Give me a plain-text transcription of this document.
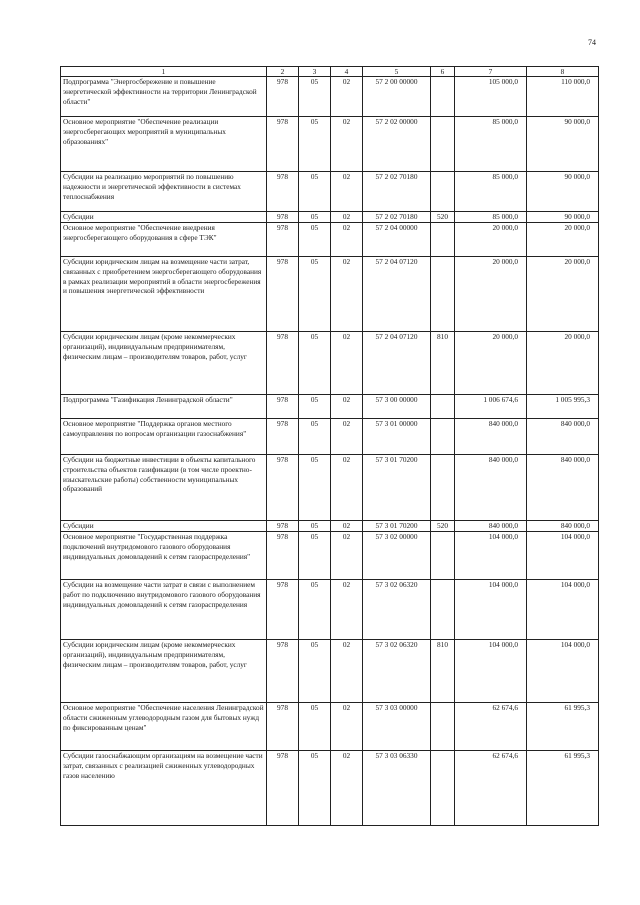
74
1	2	3	4	5	6	7	8
Подпрограмма "Энергосбережение и повышение энергетической эффективности на территории Ленинградской области"	978	05	02	57 2 00 00000		105 000,0	110 000,0
Основное мероприятие "Обеспечение реализации энергосберегающих мероприятий в муниципальных образованиях"	978	05	02	57 2 02 00000		85 000,0	90 000,0
Субсидии на реализацию мероприятий по повышению надежности и энергетической эффективности в системах теплоснабжения	978	05	02	57 2 02 70180		85 000,0	90 000,0
Субсидии	978	05	02	57 2 02 70180	520	85 000,0	90 000,0
Основное мероприятие "Обеспечение внедрения энергосберегающего оборудования в сфере ТЭК"	978	05	02	57 2 04 00000		20 000,0	20 000,0
Субсидии юридическим лицам на возмещение части затрат, связанных с приобретением энергосберегающего оборудования в рамках реализации мероприятий в области энергосбережения и повышения энергетической эффективности	978	05	02	57 2 04 07120		20 000,0	20 000,0
Субсидии юридическим лицам (кроме некоммерческих организаций), индивидуальным предпринимателям, физическим лицам – производителям товаров, работ, услуг	978	05	02	57 2 04 07120	810	20 000,0	20 000,0
Подпрограмма "Газификация Ленинградской области"	978	05	02	57 3 00 00000		1 006 674,6	1 005 995,3
Основное мероприятие "Поддержка органов местного самоуправления по вопросам организации газоснабжения"	978	05	02	57 3 01 00000		840 000,0	840 000,0
Субсидии на бюджетные инвестиции в объекты капитального строительства объектов газификации (в том числе проектно-изыскательские работы) собственности муниципальных образований	978	05	02	57 3 01 70200		840 000,0	840 000,0
Субсидии	978	05	02	57 3 01 70200	520	840 000,0	840 000,0
Основное мероприятие "Государственная поддержка подключений внутридомового газового оборудования индивидуальных домовладений к сетям газораспределения"	978	05	02	57 3 02 00000		104 000,0	104 000,0
Субсидии на возмещение части затрат в связи с выполнением работ по подключению внутридомового газового оборудования индивидуальных домовладений к сетям газораспределения	978	05	02	57 3 02 06320		104 000,0	104 000,0
Субсидии юридическим лицам (кроме некоммерческих организаций), индивидуальным предпринимателям, физическим лицам – производителям товаров, работ, услуг	978	05	02	57 3 02 06320	810	104 000,0	104 000,0
Основное мероприятие "Обеспечение населения Ленинградской области сжиженным углеводородным газом для бытовых нужд по фиксированным ценам"	978	05	02	57 3 03 00000		62 674,6	61 995,3
Субсидии газоснабжающим организациям на возмещение части затрат, связанных с реализацией сжиженных углеводородных газов населению	978	05	02	57 3 03 06330		62 674,6	61 995,3
